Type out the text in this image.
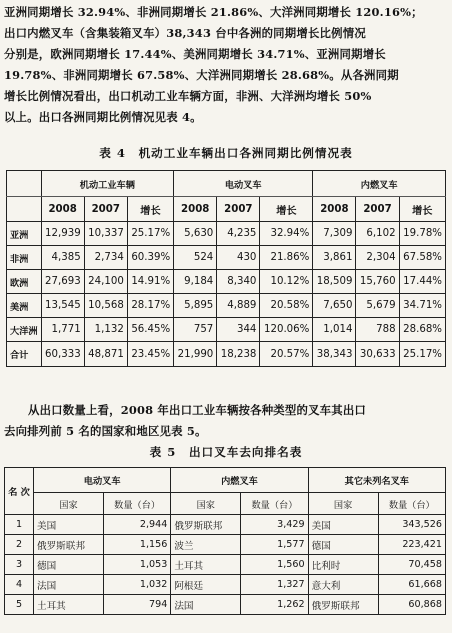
亚洲同期增长 32.94%、非洲同期增长 21.86%、大洋洲同期增长 120.16%；

出口内燃叉车（含集装箱叉车）38,343 台中各洲的同期增长比例情况

分别是，欧洲同期增长 17.44%、美洲同期增长 34.71%、亚洲同期增长

19.78%、非洲同期增长 67.58%、大洋洲同期增长 28.68%。从各洲同期

增长比例情况看出，出口机动工业车辆方面，非洲、大洋洲均增长 50%

以上。出口各洲同期比例情况见表 4。

表 4　机动工业车辆出口各洲同期比例情况表
	机动工业车辆			电动叉车			内燃叉车		
	2008	2007	增长	2008	2007	增长	2008	2007	增长
亚洲	12,939	10,337	25.17%	5,630	4,235	32.94%	7,309	6,102	19.78%
非洲	4,385	2,734	60.39%	524	430	21.86%	3,861	2,304	67.58%
欧洲	27,693	24,100	14.91%	9,184	8,340	10.12%	18,509	15,760	17.44%
美洲	13,545	10,568	28.17%	5,895	4,889	20.58%	7,650	5,679	34.71%
大洋洲	1,771	1,132	56.45%	757	344	120.06%	1,014	788	28.68%
合计	60,333	48,871	23.45%	21,990	18,238	20.57%	38,343	30,633	25.17%

从出口数量上看，2008 年出口工业车辆按各种类型的叉车其出口

去向排列前 5 名的国家和地区见表 5。

表 5　出口叉车去向排名表
名 次	电动叉车		内燃叉车		其它未列名叉车	
	国家	数量（台）	国家	数量（台）	国家	数量（台）
1	美国	2,944	俄罗斯联邦	3,429	美国	343,526
2	俄罗斯联邦	1,156	波兰	1,577	德国	223,421
3	德国	1,053	土耳其	1,560	比利时	70,458
4	法国	1,032	阿根廷	1,327	意大利	61,668
5	土耳其	794	法国	1,262	俄罗斯联邦	60,868
